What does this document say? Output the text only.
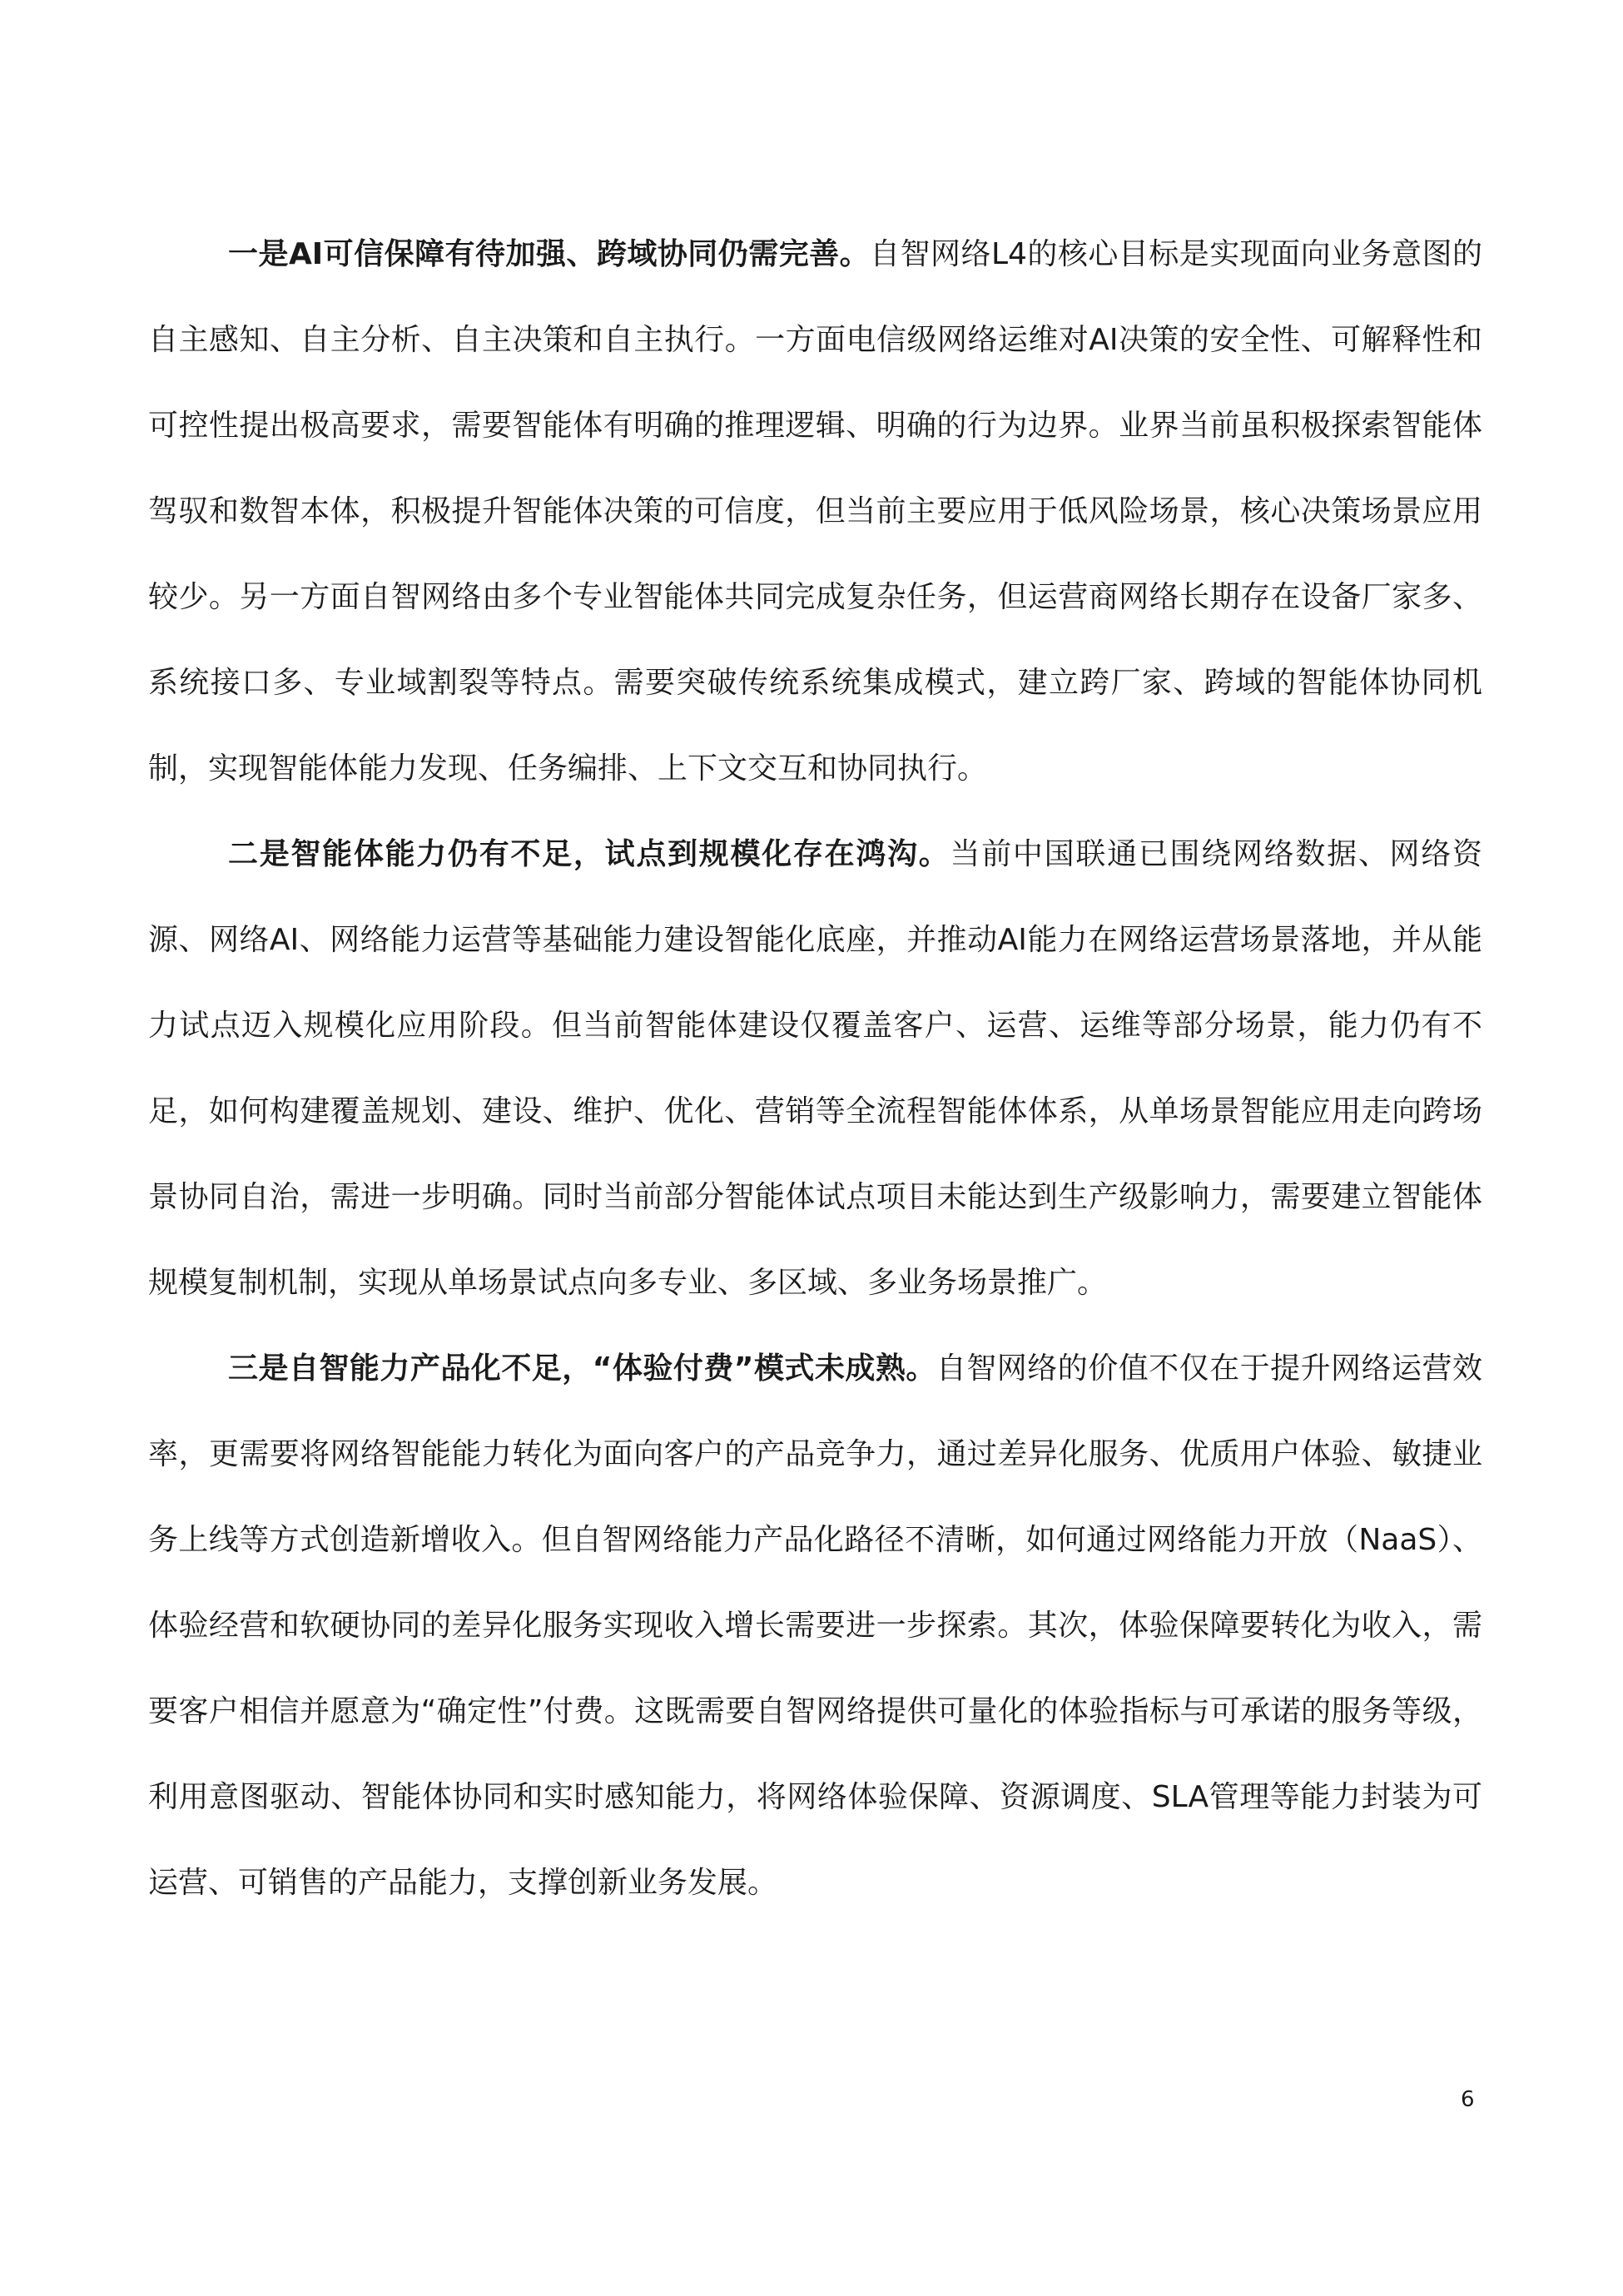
一是AI可信保障有待加强、跨域协同仍需完善。自智网络L4的核心目标是实现面向业务意图的自主感知、自主分析、自主决策和自主执行。一方面电信级网络运维对AI决策的安全性、可解释性和可控性提出极高要求，需要智能体有明确的推理逻辑、明确的行为边界。业界当前虽积极探索智能体驾驭和数智本体，积极提升智能体决策的可信度，但当前主要应用于低风险场景，核心决策场景应用较少。另一方面自智网络由多个专业智能体共同完成复杂任务，但运营商网络长期存在设备厂家多、系统接口多、专业域割裂等特点。需要突破传统系统集成模式，建立跨厂家、跨域的智能体协同机制，实现智能体能力发现、任务编排、上下文交互和协同执行。

二是智能体能力仍有不足，试点到规模化存在鸿沟。当前中国联通已围绕网络数据、网络资源、网络AI、网络能力运营等基础能力建设智能化底座，并推动AI能力在网络运营场景落地，并从能力试点迈入规模化应用阶段。但当前智能体建设仅覆盖客户、运营、运维等部分场景，能力仍有不足，如何构建覆盖规划、建设、维护、优化、营销等全流程智能体体系，从单场景智能应用走向跨场景协同自治，需进一步明确。同时当前部分智能体试点项目未能达到生产级影响力，需要建立智能体规模复制机制，实现从单场景试点向多专业、多区域、多业务场景推广。

三是自智能力产品化不足，“体验付费”模式未成熟。自智网络的价值不仅在于提升网络运营效率，更需要将网络智能能力转化为面向客户的产品竞争力，通过差异化服务、优质用户体验、敏捷业务上线等方式创造新增收入。但自智网络能力产品化路径不清晰，如何通过网络能力开放（NaaS）、体验经营和软硬协同的差异化服务实现收入增长需要进一步探索。其次，体验保障要转化为收入，需要客户相信并愿意为“确定性”付费。这既需要自智网络提供可量化的体验指标与可承诺的服务等级，利用意图驱动、智能体协同和实时感知能力，将网络体验保障、资源调度、SLA管理等能力封装为可运营、可销售的产品能力，支撑创新业务发展。

6
